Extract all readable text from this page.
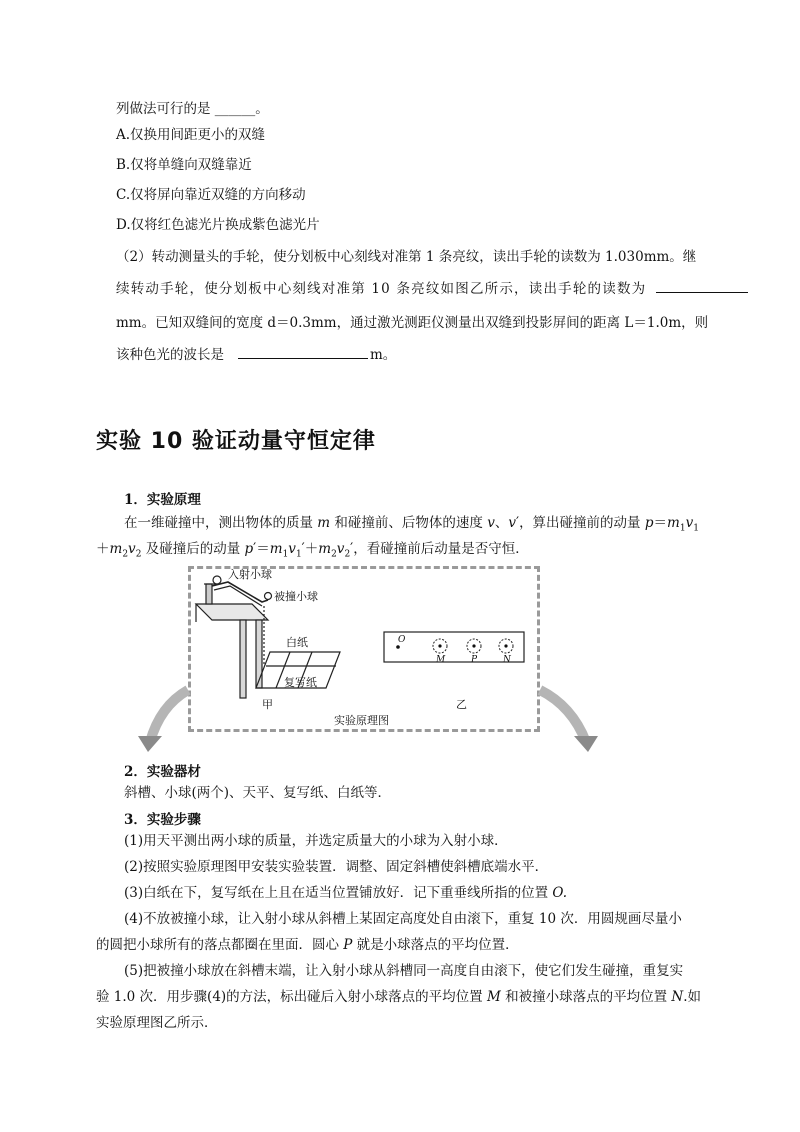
列做法可行的是 ______。
A.仅换用间距更小的双缝
B.仅将单缝向双缝靠近
C.仅将屏向靠近双缝的方向移动
D.仅将红色滤光片换成紫色滤光片
（2）转动测量头的手轮，使分划板中心刻线对准第 1 条亮纹，读出手轮的读数为 1.030mm。继
续转动手轮，使分划板中心刻线对准第 10 条亮纹如图乙所示，读出手轮的读数为
mm。已知双缝间的宽度 d＝0.3mm，通过激光测距仪测量出双缝到投影屏间的距离 L＝1.0m，则
该种色光的波长是	m。
实验 10 验证动量守恒定律
1．实验原理
在一维碰撞中，测出物体的质量 m 和碰撞前、后物体的速度 v、v′，算出碰撞前的动量 $p=m_1v_1$
$+m_2v_2$ 及碰撞后的动量 $p'=m_1v_1'+m_2v_2'$，看碰撞前后动量是否守恒．
入射小球
被撞小球
白纸
复写纸
甲
O
M	P	N
乙
实验原理图
2．实验器材
斜槽、小球(两个)、天平、复写纸、白纸等．
3．实验步骤
(1)用天平测出两小球的质量，并选定质量大的小球为入射小球．
(2)按照实验原理图甲安装实验装置．调整、固定斜槽使斜槽底端水平．
(3)白纸在下，复写纸在上且在适当位置铺放好．记下重垂线所指的位置 O.
(4)不放被撞小球，让入射小球从斜槽上某固定高度处自由滚下，重复 10 次．用圆规画尽量小
的圆把小球所有的落点都圈在里面．圆心 P 就是小球落点的平均位置．
(5)把被撞小球放在斜槽末端，让入射小球从斜槽同一高度自由滚下，使它们发生碰撞，重复实
验 1.0 次．用步骤(4)的方法，标出碰后入射小球落点的平均位置 M 和被撞小球落点的平均位置 N.如
实验原理图乙所示．
